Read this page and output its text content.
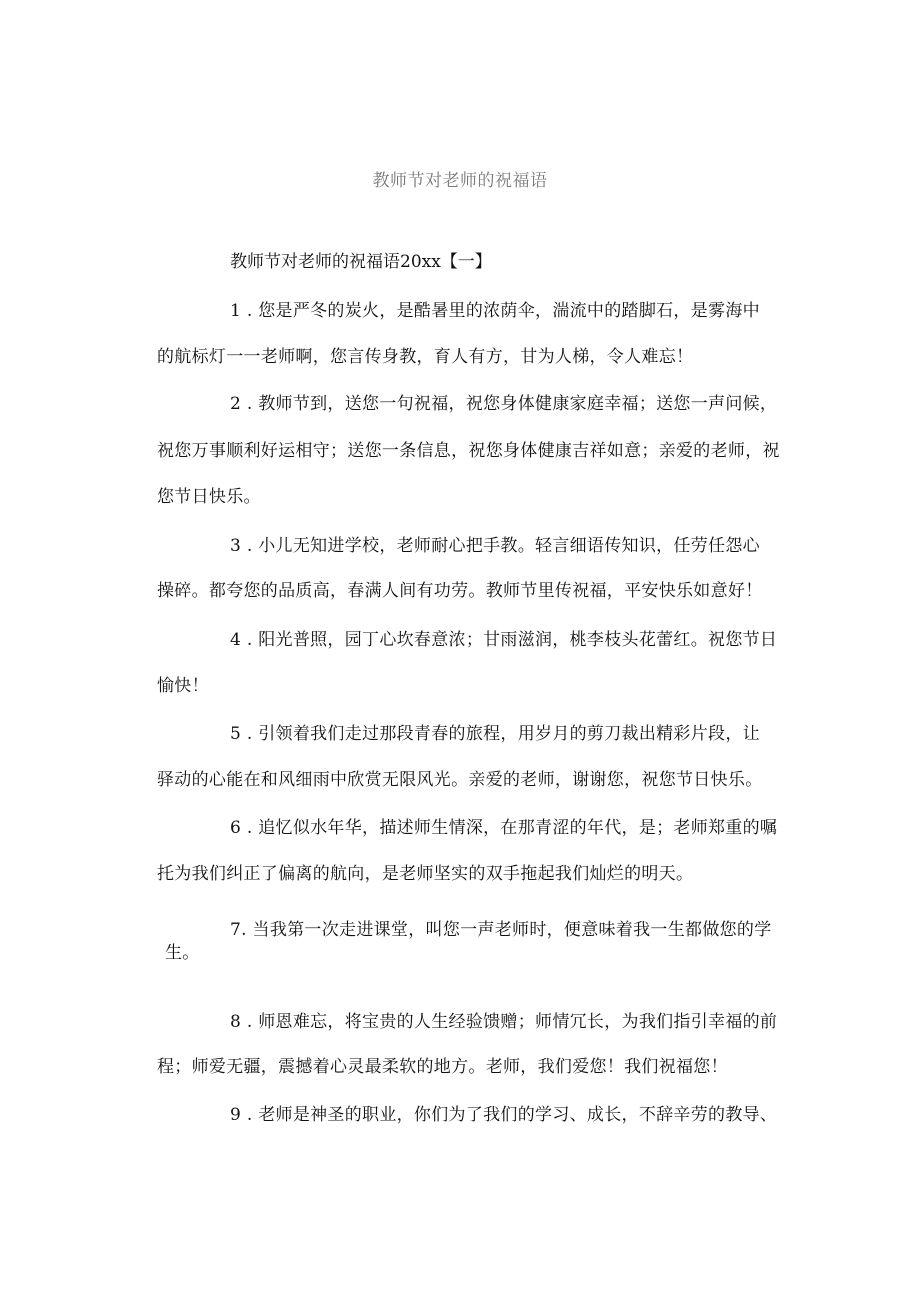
教师节对老师的祝福语
教师节对老师的祝福语20xx【一】
1 . 您是严冬的炭火，是酷暑里的浓荫伞，湍流中的踏脚石，是雾海中
的航标灯一一老师啊，您言传身教，育人有方，甘为人梯，令人难忘！
2 . 教师节到，送您一句祝福，祝您身体健康家庭幸福；送您一声问候，
祝您万事顺利好运相守；送您一条信息，祝您身体健康吉祥如意；亲爱的老师，祝
您节日快乐。
3 . 小儿无知进学校，老师耐心把手教。轻言细语传知识，任劳任怨心
操碎。都夸您的品质高，春满人间有功劳。教师节里传祝福，平安快乐如意好！
4 . 阳光普照，园丁心坎春意浓；甘雨滋润，桃李枝头花蕾红。祝您节日
愉快！
5 . 引领着我们走过那段青春的旅程，用岁月的剪刀裁出精彩片段，让
驿动的心能在和风细雨中欣赏无限风光。亲爱的老师，谢谢您，祝您节日快乐。
6 . 追忆似水年华，描述师生情深，在那青涩的年代，是；老师郑重的嘱
托为我们纠正了偏离的航向，是老师坚实的双手拖起我们灿烂的明天。
7. 当我第一次走进课堂，叫您一声老师时，便意味着我一生都做您的学
生。
8 . 师恩难忘，将宝贵的人生经验馈赠；师情冗长，为我们指引幸福的前
程；师爱无疆，震撼着心灵最柔软的地方。老师，我们爱您！我们祝福您！
9 . 老师是神圣的职业，你们为了我们的学习、成长，不辞辛劳的教导、
